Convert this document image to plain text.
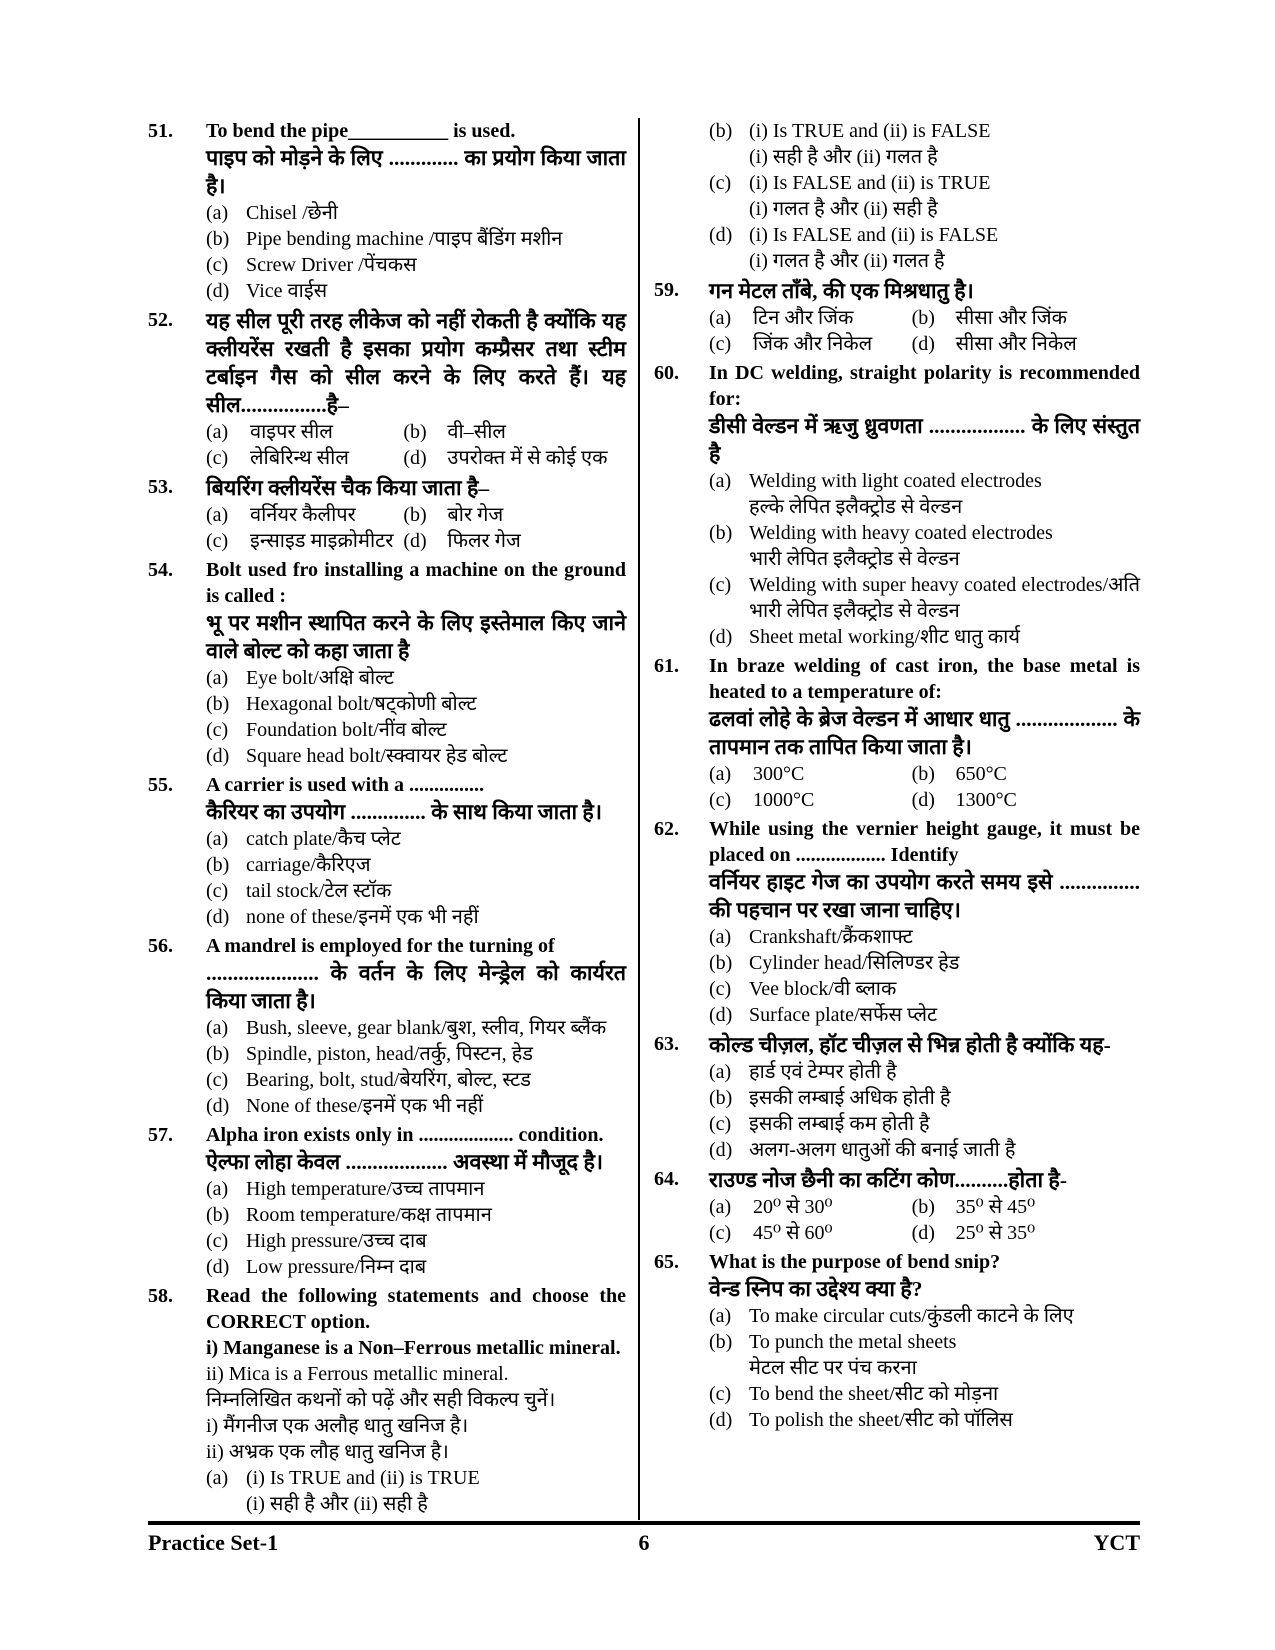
51.	To bend the pipe__________ is used.
पाइप को मोड़ने के लिए ............. का प्रयोग किया जाता है।
(a) Chisel /छेनी
(b) Pipe bending machine /पाइप बैंडिंग मशीन
(c) Screw Driver /पेंचकस
(d) Vice वाईस
52.	यह सील पूरी तरह लीकेज को नहीं रोकती है क्योंकि यह क्लीयरेंस रखती है इसका प्रयोग कम्प्रैसर तथा स्टीम टर्बाइन गैस को सील करने के लिए करते हैं। यह सील................है–
(a)	वाइपर सील	(b)	वी–सील
(c)	लेबिरिन्थ सील	(d)	उपरोक्त में से कोई एक
53.	बियरिंग क्लीयरेंस चैक किया जाता है–
(a)	वर्नियर कैलीपर	(b)	बोर गेज
(c)	इन्साइड माइक्रोमीटर (d)	फिलर गेज
54.	Bolt used fro installing a machine on the ground is called :
भू पर मशीन स्थापित करने के लिए इस्तेमाल किए जाने वाले बोल्ट को कहा जाता है
(a) Eye bolt/अक्षि बोल्ट
(b) Hexagonal bolt/षट्कोणी बोल्ट
(c) Foundation bolt/नींव बोल्ट
(d) Square head bolt/स्क्वायर हेड बोल्ट
55.	A carrier is used with a ...............
कैरियर का उपयोग .............. के साथ किया जाता है।
(a) catch plate/कैच प्लेट
(b) carriage/कैरिएज
(c) tail stock/टेल स्टॉक
(d) none of these/इनमें एक भी नहीं
56.	A mandrel is employed for the turning of
..................... के वर्तन के लिए मेन्ड्रेल को कार्यरत किया जाता है।
(a) Bush, sleeve, gear blank/बुश, स्लीव, गियर ब्लैंक
(b) Spindle, piston, head/तर्कु, पिस्टन, हेड
(c) Bearing, bolt, stud/बेयरिंग, बोल्ट, स्टड
(d) None of these/इनमें एक भी नहीं
57.	Alpha iron exists only in ................... condition.
ऐल्फा लोहा केवल ................... अवस्था में मौजूद है।
(a) High temperature/उच्च तापमान
(b) Room temperature/कक्ष तापमान
(c) High pressure/उच्च दाब
(d) Low pressure/निम्न दाब
58.	Read the following statements and choose the CORRECT option.
i) Manganese is a Non–Ferrous metallic mineral.
ii) Mica is a Ferrous metallic mineral.
निम्नलिखित कथनों को पढ़ें और सही विकल्प चुनें।
i) मैंगनीज एक अलौह धातु खनिज है।
ii) अभ्रक एक लौह धातु खनिज है।
(a) (i) Is TRUE and (ii) is TRUE
(i) सही है और (ii) सही है
(b) (i) Is TRUE and (ii) is FALSE
(i) सही है और (ii) गलत है
(c) (i) Is FALSE and (ii) is TRUE
(i) गलत है और (ii) सही है
(d) (i) Is FALSE and (ii) is FALSE
(i) गलत है और (ii) गलत है
59.	गन मेटल ताँबे, की एक मिश्रधातु है।
(a)	टिन और जिंक	(b)	सीसा और जिंक
(c)	जिंक और निकेल	(d)	सीसा और निकेल
60.	In DC welding, straight polarity is recommended for:
डीसी वेल्डन में ऋजु ध्रुवणता .................. के लिए संस्तुत है
(a) Welding with light coated electrodes
हल्के लेपित इलैक्ट्रोड से वेल्डन
(b) Welding with heavy coated electrodes
भारी लेपित इलैक्ट्रोड से वेल्डन
(c) Welding with super heavy coated electrodes/अति भारी लेपित इलैक्ट्रोड से वेल्डन
(d) Sheet metal working/शीट धातु कार्य
61.	In braze welding of cast iron, the base metal is heated to a temperature of:
ढलवां लोहे के ब्रेज वेल्डन में आधार धातु ................... के तापमान तक तापित किया जाता है।
(a)	300°C	(b)	650°C
(c)	1000°C	(d)	1300°C
62.	While using the vernier height gauge, it must be placed on .................. Identify
वर्नियर हाइट गेज का उपयोग करते समय इसे ............... की पहचान पर रखा जाना चाहिए।
(a) Crankshaft/क्रैंकशाफ्ट
(b) Cylinder head/सिलिण्डर हेड
(c) Vee block/वी ब्लाक
(d) Surface plate/सर्फेस प्लेट
63.	कोल्ड चीज़ल, हॉट चीज़ल से भिन्न होती है क्योंकि यह-
(a) हार्ड एवं टेम्पर होती है
(b) इसकी लम्बाई अधिक होती है
(c) इसकी लम्बाई कम होती है
(d) अलग-अलग धातुओं की बनाई जाती है
64.	राउण्ड नोज छैनी का कटिंग कोण..........होता है-
(a)	20⁰ से 30⁰	(b)	35⁰ से 45⁰
(c)	45⁰ से 60⁰	(d)	25⁰ से 35⁰
65.	What is the purpose of bend snip?
वेन्ड स्निप का उद्देश्य क्या है?
(a) To make circular cuts/कुंडली काटने के लिए
(b) To punch the metal sheets
मेटल सीट पर पंच करना
(c) To bend the sheet/सीट को मोड़ना
(d) To polish the sheet/सीट को पॉलिस
Practice Set-1	6	YCT
